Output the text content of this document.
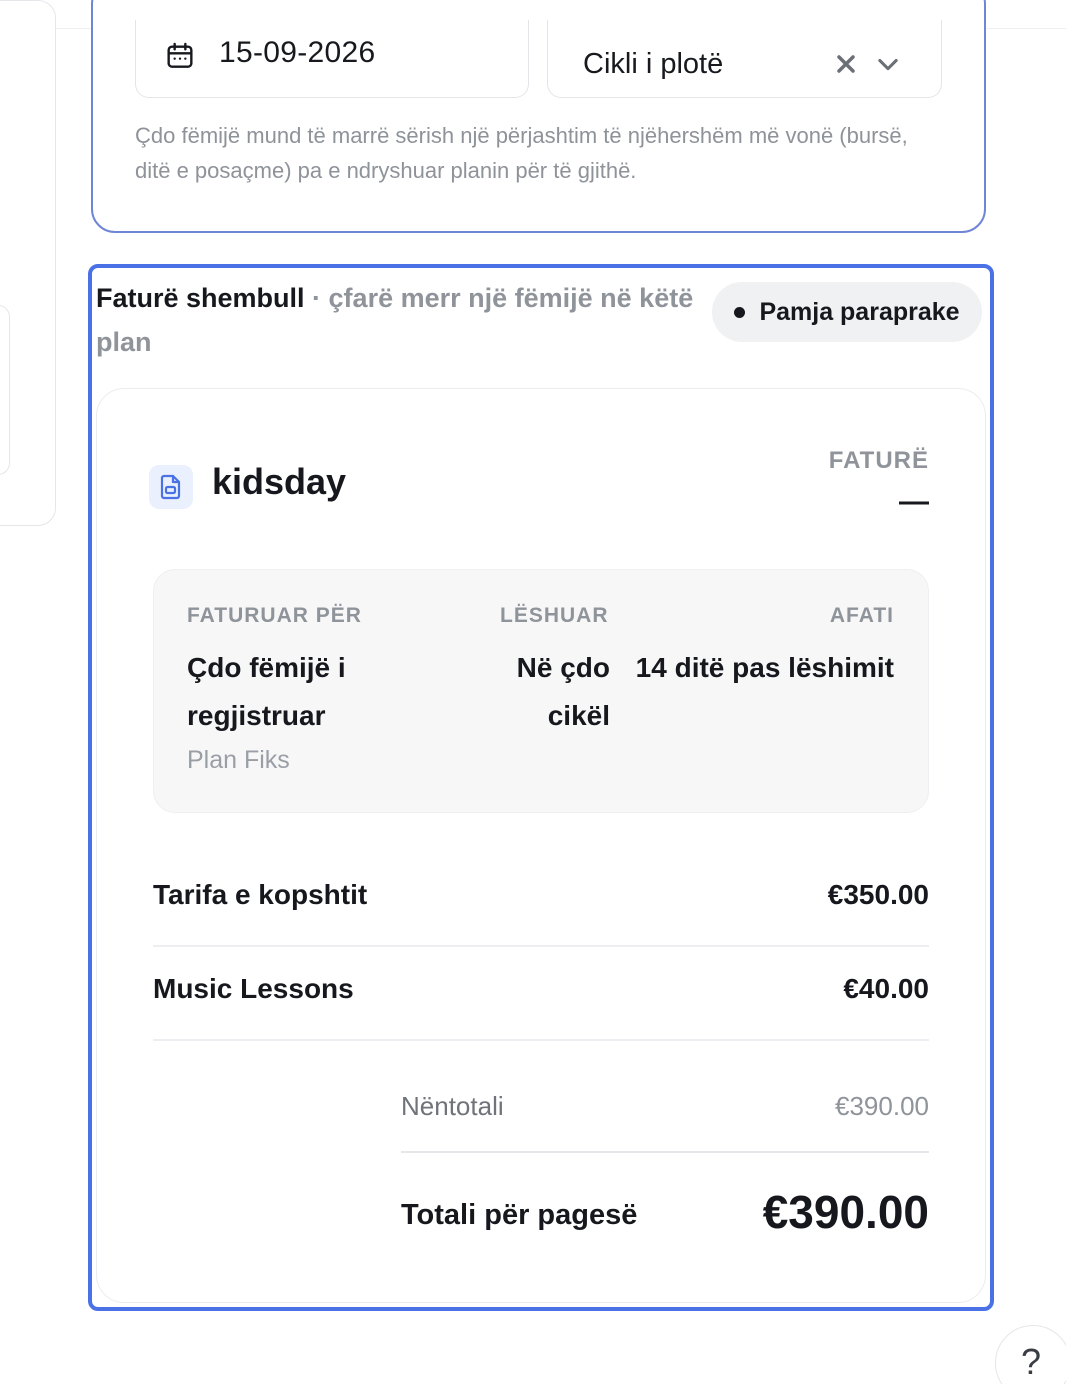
15-09-2026	Cikli i plotë

Çdo fëmijë mund të marrë sërish një përjashtim të njëhershëm më vonë (bursë, ditë e posaçme) pa e ndryshuar planin për të gjithë.

Faturë shembull · çfarë merr një fëmijë në këtë plan
Pamja paraprake
kidsday
FATURË
—
FATURUAR PËR
Çdo fëmijë i regjistruar
Plan Fiks
LËSHUAR
Në çdo cikël
AFATI
14 ditë pas lëshimit
Tarifa e kopshtit	€350.00
Music Lessons	€40.00
Nëntotali	€390.00
Totali për pagesë	€390.00
?
